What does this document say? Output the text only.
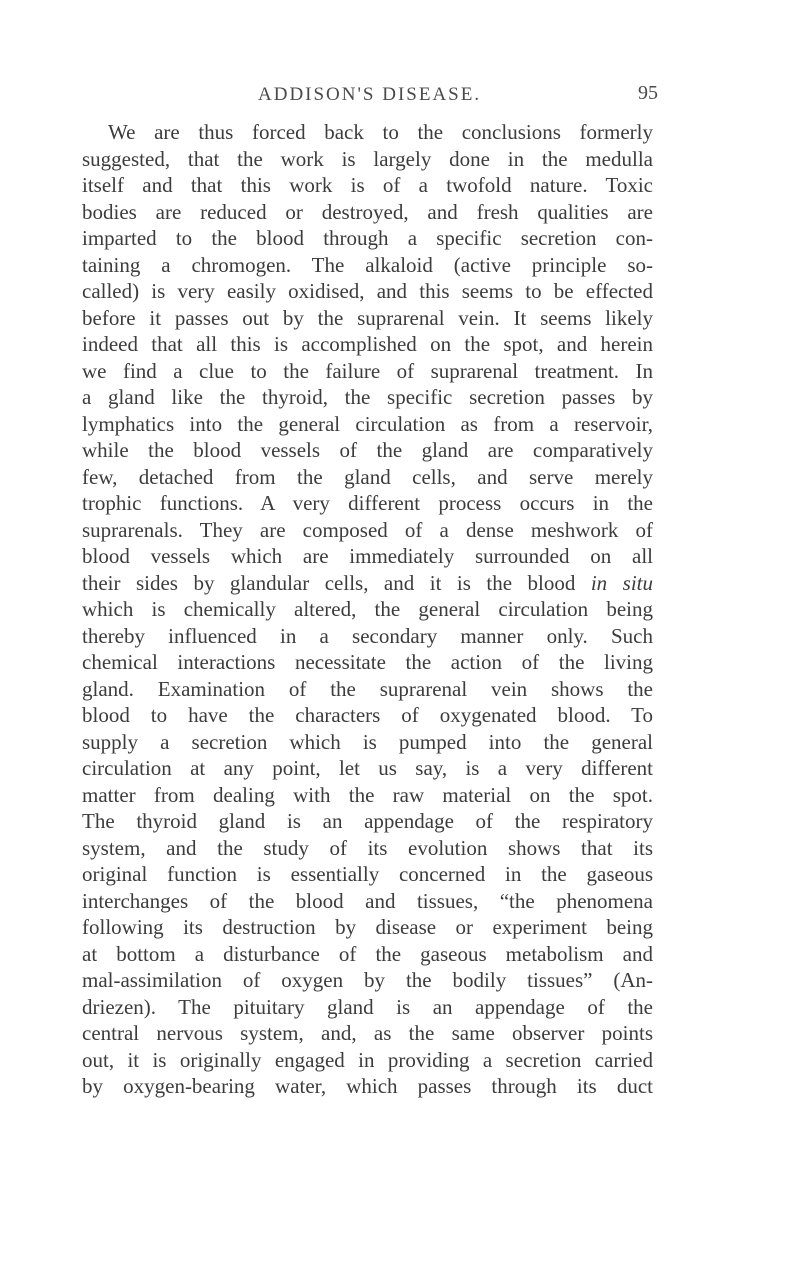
ADDISON'S DISEASE.	95
We are thus forced back to the conclusions formerly
suggested, that the work is largely done in the medulla
itself and that this work is of a twofold nature. Toxic
bodies are reduced or destroyed, and fresh qualities are
imparted to the blood through a specific secretion con-
taining a chromogen. The alkaloid (active principle so-
called) is very easily oxidised, and this seems to be effected
before it passes out by the suprarenal vein. It seems likely
indeed that all this is accomplished on the spot, and herein
we find a clue to the failure of suprarenal treatment. In
a gland like the thyroid, the specific secretion passes by
lymphatics into the general circulation as from a reservoir,
while the blood vessels of the gland are comparatively
few, detached from the gland cells, and serve merely
trophic functions. A very different process occurs in the
suprarenals. They are composed of a dense meshwork of
blood vessels which are immediately surrounded on all
their sides by glandular cells, and it is the blood in situ
which is chemically altered, the general circulation being
thereby influenced in a secondary manner only. Such
chemical interactions necessitate the action of the living
gland. Examination of the suprarenal vein shows the
blood to have the characters of oxygenated blood. To
supply a secretion which is pumped into the general
circulation at any point, let us say, is a very different
matter from dealing with the raw material on the spot.
The thyroid gland is an appendage of the respiratory
system, and the study of its evolution shows that its
original function is essentially concerned in the gaseous
interchanges of the blood and tissues, “the phenomena
following its destruction by disease or experiment being
at bottom a disturbance of the gaseous metabolism and
mal-assimilation of oxygen by the bodily tissues” (An-
driezen). The pituitary gland is an appendage of the
central nervous system, and, as the same observer points
out, it is originally engaged in providing a secretion carried
by oxygen-bearing water, which passes through its duct
